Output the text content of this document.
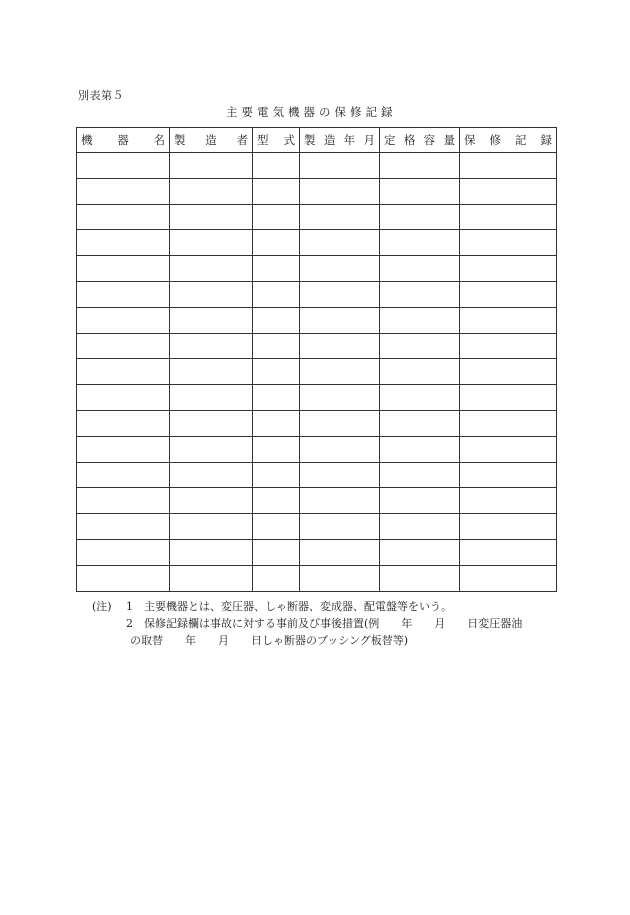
別表第５
主要電気機器の保修記録
機 器 名	製 造 者	型 式	製 造 年 月	定 格 容 量	保 修 記 録

(注) 1 主要機器とは、変圧器、しゃ断器、変成器、配電盤等をいう。
2 保修記録欄は事故に対する事前及び事後措置(例　　年　　月　　日変圧器油
の取替　　年　　月　　日しゃ断器のブッシング板替等)
